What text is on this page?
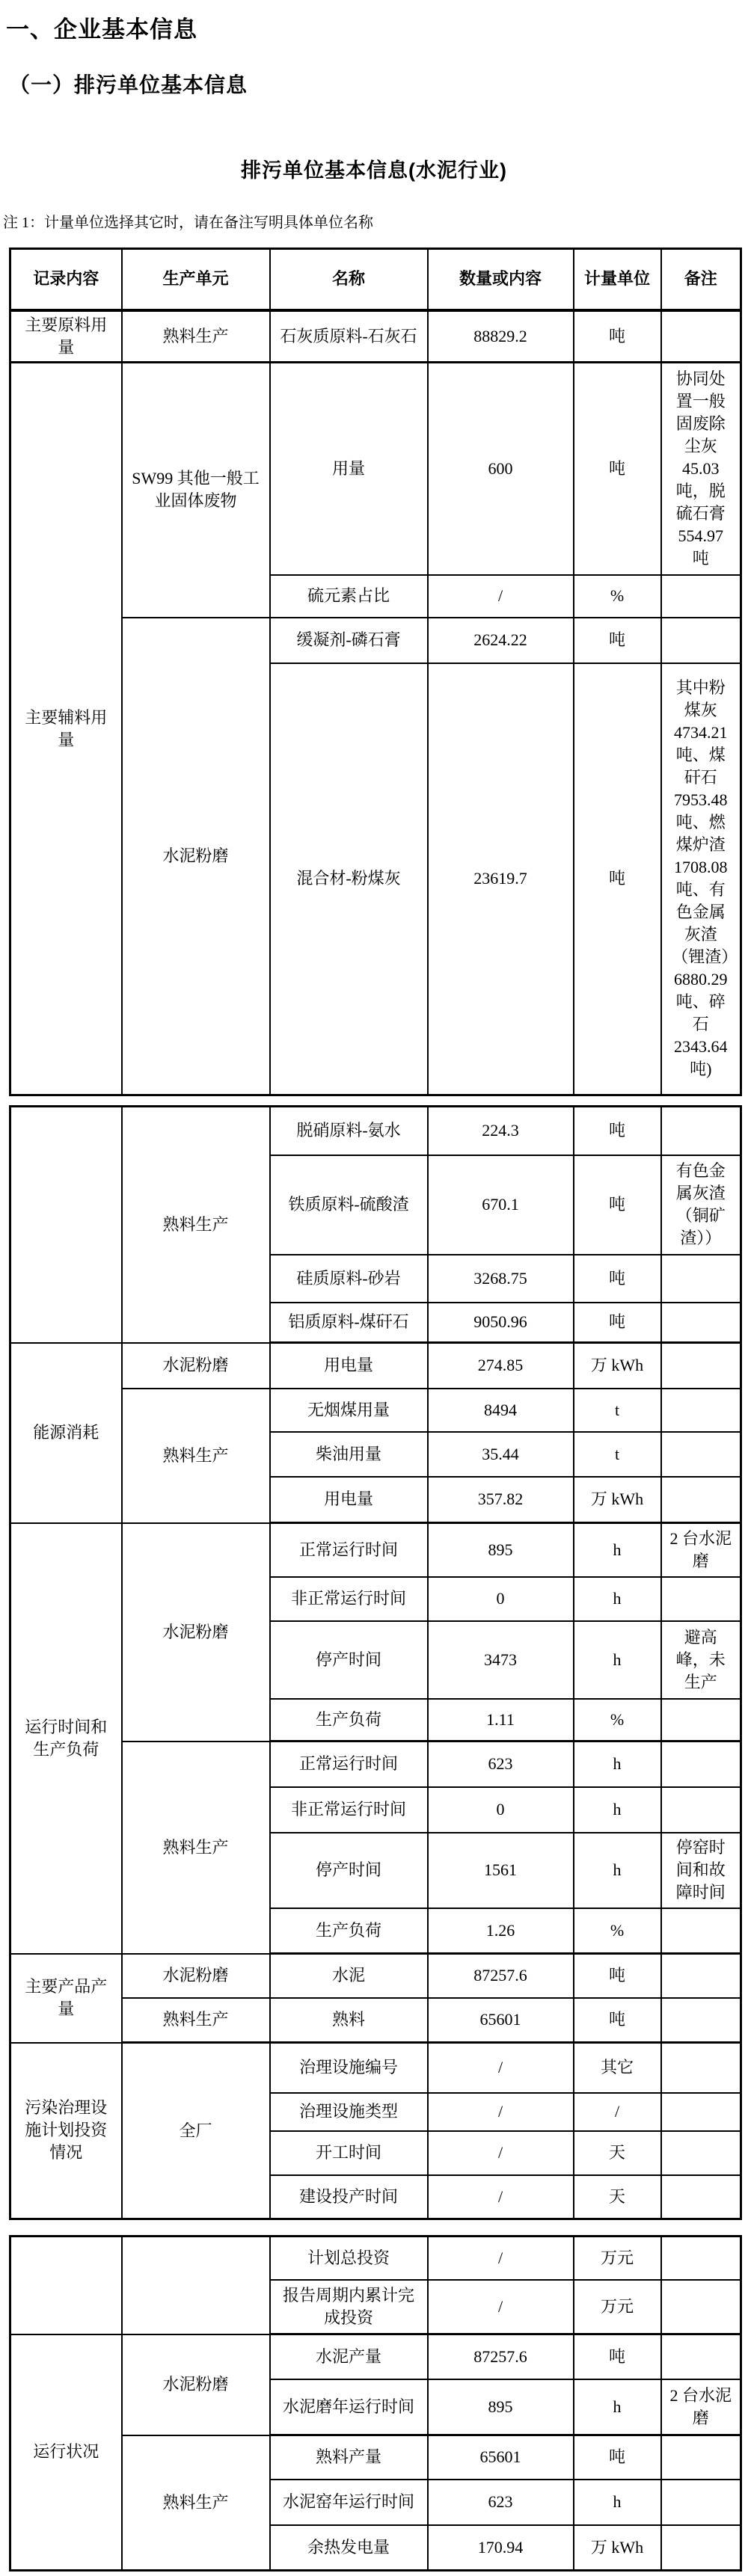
一、企业基本信息
（一）排污单位基本信息
排污单位基本信息(水泥行业)
注 1：计量单位选择其它时，请在备注写明具体单位名称
记录内容	生产单元	名称	数量或内容	计量单位	备注
主要原料用量	熟料生产	石灰质原料-石灰石	88829.2	吨	
主要辅料用量	SW99 其他一般工业固体废物	用量	600	吨	协同处置一般固废除尘灰 45.03 吨，脱硫石膏 554.97 吨
		硫元素占比	/	%	
	水泥粉磨	缓凝剂-磷石膏	2624.22	吨	
		混合材-粉煤灰	23619.7	吨	其中粉煤灰 4734.21 吨、煤矸石 7953.48 吨、燃煤炉渣 1708.08 吨、有色金属灰渣（锂渣）6880.29 吨、碎石 2343.64 吨)
	熟料生产	脱硝原料-氨水	224.3	吨	
		铁质原料-硫酸渣	670.1	吨	有色金属灰渣（铜矿渣））
		硅质原料-砂岩	3268.75	吨	
		铝质原料-煤矸石	9050.96	吨	
能源消耗	水泥粉磨	用电量	274.85	万 kWh	
	熟料生产	无烟煤用量	8494	t	
		柴油用量	35.44	t	
		用电量	357.82	万 kWh	
运行时间和生产负荷	水泥粉磨	正常运行时间	895	h	2 台水泥磨
		非正常运行时间	0	h	
		停产时间	3473	h	避高峰，未生产
		生产负荷	1.11	%	
	熟料生产	正常运行时间	623	h	
		非正常运行时间	0	h	
		停产时间	1561	h	停窑时间和故障时间
		生产负荷	1.26	%	
主要产品产量	水泥粉磨	水泥	87257.6	吨	
	熟料生产	熟料	65601	吨	
污染治理设施计划投资情况	全厂	治理设施编号	/	其它	
		治理设施类型	/	/	
		开工时间	/	天	
		建设投产时间	/	天	
		计划总投资	/	万元	
		报告周期内累计完成投资	/	万元	
运行状况	水泥粉磨	水泥产量	87257.6	吨	
		水泥磨年运行时间	895	h	2 台水泥磨
	熟料生产	熟料产量	65601	吨	
		水泥窑年运行时间	623	h	
		余热发电量	170.94	万 kWh	
